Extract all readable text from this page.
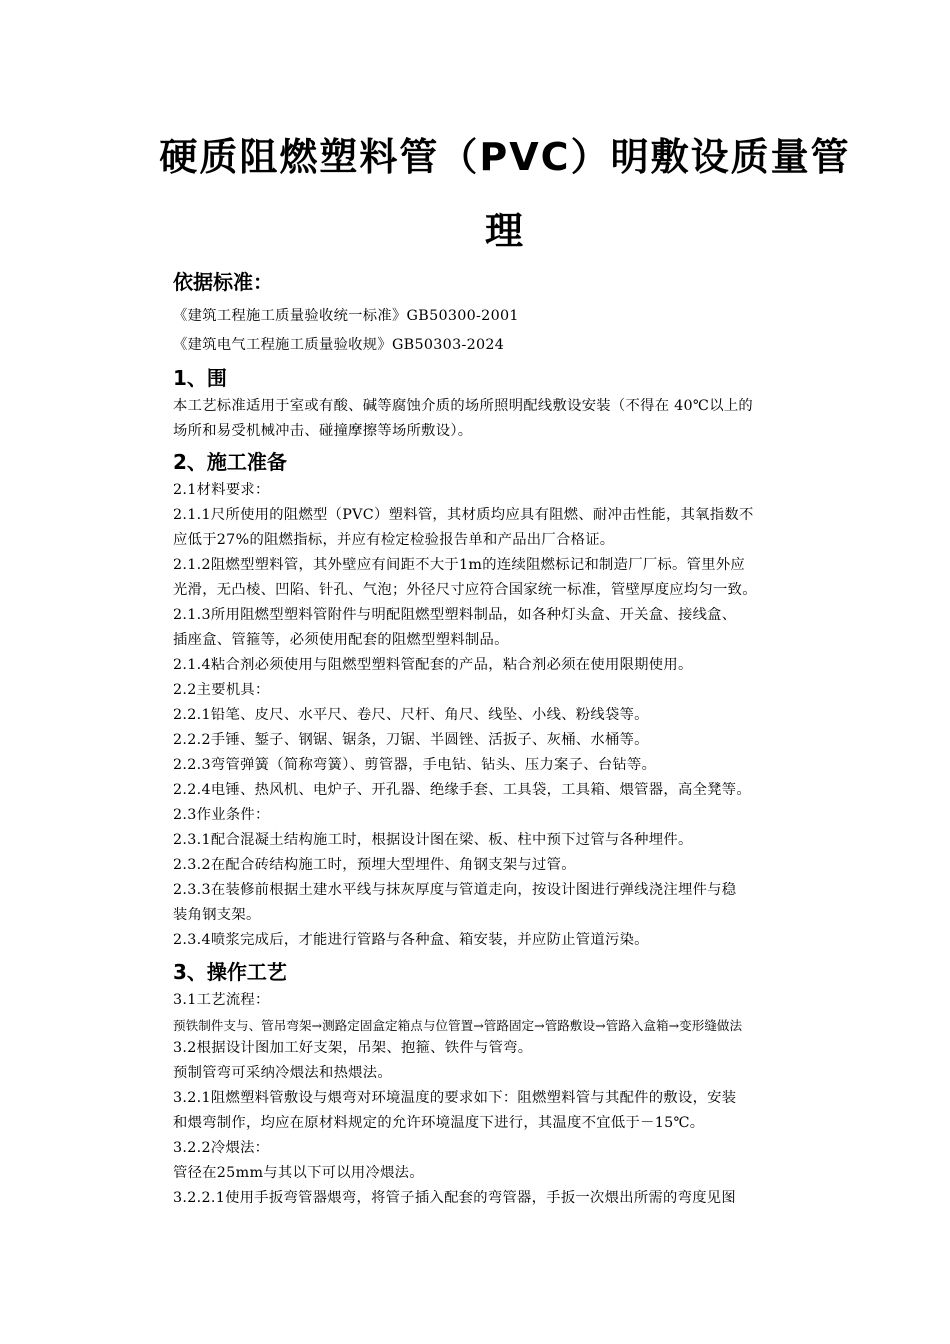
硬质阻燃塑料管（PVC）明敷设质量管
理
依据标准：
《建筑工程施工质量验收统一标准》GB50300-2001
《建筑电气工程施工质量验收规》GB50303-2024
1、围
本工艺标准适用于室或有酸、碱等腐蚀介质的场所照明配线敷设安装（不得在 40℃以上的
场所和易受机械冲击、碰撞摩擦等场所敷设）。
2、施工准备
2.1材料要求：
2.1.1尺所使用的阻燃型（PVC）塑料管，其材质均应具有阻燃、耐冲击性能，其氧指数不
应低于27%的阻燃指标，并应有检定检验报告单和产品出厂合格证。
2.1.2阻燃型塑料管，其外壁应有间距不大于1m的连续阻燃标记和制造厂厂标。管里外应
光滑，无凸棱、凹陷、针孔、气泡；外径尺寸应符合国家统一标准，管壁厚度应均匀一致。
2.1.3所用阻燃型塑料管附件与明配阻燃型塑料制品，如各种灯头盒、开关盒、接线盒、
插座盒、管箍等，必须使用配套的阻燃型塑料制品。
2.1.4粘合剂必须使用与阻燃型塑料管配套的产品，粘合剂必须在使用限期使用。
2.2主要机具：
2.2.1铅笔、皮尺、水平尺、卷尺、尺杆、角尺、线坠、小线、粉线袋等。
2.2.2手锤、錾子、钢锯、锯条，刀锯、半圆锉、活扳子、灰桶、水桶等。
2.2.3弯管弹簧（简称弯簧）、剪管器，手电钻、钻头、压力案子、台钻等。
2.2.4电锤、热风机、电炉子、开孔器、绝缘手套、工具袋，工具箱、煨管器，高全凳等。
2.3作业条件：
2.3.1配合混凝土结构施工时，根据设计图在梁、板、柱中预下过管与各种埋件。
2.3.2在配合砖结构施工时，预埋大型埋件、角钢支架与过管。
2.3.3在装修前根据土建水平线与抹灰厚度与管道走向，按设计图进行弹线浇注埋件与稳
装角钢支架。
2.3.4喷浆完成后，才能进行管路与各种盒、箱安装，并应防止管道污染。
3、操作工艺
3.1工艺流程：
预铁制件支与、管吊弯架→测路定固盒定箱点与位管置→管路固定→管路敷设→管路入盒箱→变形缝做法
3.2根据设计图加工好支架，吊架、抱箍、铁件与管弯。
预制管弯可采纳冷煨法和热煨法。
3.2.1阻燃塑料管敷设与煨弯对环境温度的要求如下：阻燃塑料管与其配件的敷设，安装
和煨弯制作，均应在原材料规定的允许环境温度下进行，其温度不宜低于－15℃。
3.2.2冷煨法：
管径在25mm与其以下可以用冷煨法。
3.2.2.1使用手扳弯管器煨弯，将管子插入配套的弯管器，手扳一次煨出所需的弯度见图
